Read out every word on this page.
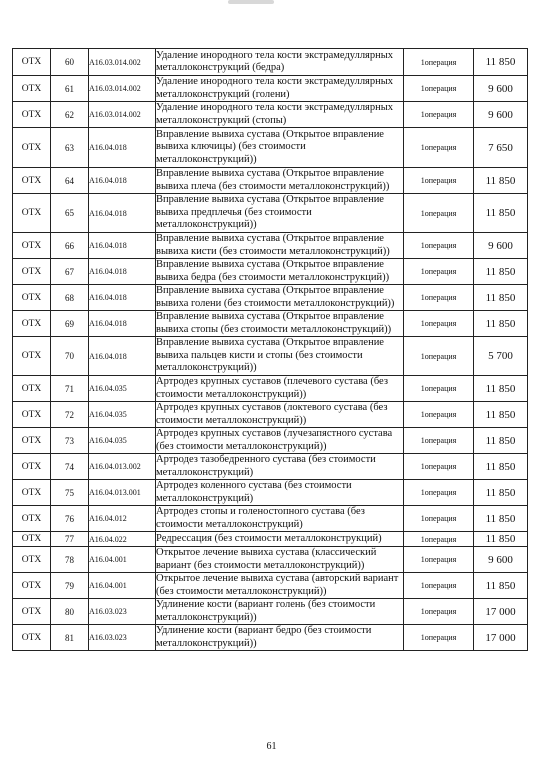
ОТХ	60	A16.03.014.002	Удаление инородного тела кости экстрамедуллярных металлоконструкций (бедра)	1операция	11 850
ОТХ	61	A16.03.014.002	Удаление инородного тела кости экстрамедуллярных металлоконструкций (голени)	1операция	9 600
ОТХ	62	A16.03.014.002	Удаление инородного тела кости экстрамедуллярных металлоконструкций (стопы)	1операция	9 600
ОТХ	63	A16.04.018	Вправление вывиха сустава (Открытое вправление вывиха ключицы) (без стоимости металлоконструкций))	1операция	7 650
ОТХ	64	A16.04.018	Вправление вывиха сустава (Открытое вправление вывиха плеча (без стоимости металлоконструкций))	1операция	11 850
ОТХ	65	A16.04.018	Вправление вывиха сустава (Открытое вправление вывиха предплечья (без стоимости металлоконструкций))	1операция	11 850
ОТХ	66	A16.04.018	Вправление вывиха сустава (Открытое вправление вывиха кисти (без стоимости металлоконструкций))	1операция	9 600
ОТХ	67	A16.04.018	Вправление вывиха сустава (Открытое вправление вывиха бедра (без стоимости металлоконструкций))	1операция	11 850
ОТХ	68	A16.04.018	Вправление вывиха сустава (Открытое вправление вывиха голени (без стоимости металлоконструкций))	1операция	11 850
ОТХ	69	A16.04.018	Вправление вывиха сустава (Открытое вправление вывиха стопы (без стоимости металлоконструкций))	1операция	11 850
ОТХ	70	A16.04.018	Вправление вывиха сустава (Открытое вправление вывиха пальцев кисти и стопы (без стоимости металлоконструкций))	1операция	5 700
ОТХ	71	A16.04.035	Артродез крупных суставов (плечевого сустава (без стоимости металлоконструкций))	1операция	11 850
ОТХ	72	A16.04.035	Артродез крупных суставов (локтевого сустава (без стоимости металлоконструкций))	1операция	11 850
ОТХ	73	A16.04.035	Артродез крупных суставов (лучезапястного сустава (без стоимости металлоконструкций))	1операция	11 850
ОТХ	74	A16.04.013.002	Артродез тазобедренного сустава (без стоимости металлоконструкций)	1операция	11 850
ОТХ	75	A16.04.013.001	Артродез коленного сустава (без стоимости металлоконструкций)	1операция	11 850
ОТХ	76	A16.04.012	Артродез стопы и голеностопного сустава (без стоимости металлоконструкций)	1операция	11 850
ОТХ	77	A16.04.022	Редрессация (без стоимости металлоконструкций)	1операция	11 850
ОТХ	78	A16.04.001	Открытое лечение вывиха сустава (классический вариант (без стоимости металлоконструкций))	1операция	9 600
ОТХ	79	A16.04.001	Открытое лечение вывиха сустава (авторский вариант (без стоимости металлоконструкций))	1операция	11 850
ОТХ	80	A16.03.023	Удлинение кости (вариант голень (без стоимости металлоконструкций))	1операция	17 000
ОТХ	81	A16.03.023	Удлинение кости (вариант бедро (без стоимости металлоконструкций))	1операция	17 000
61
